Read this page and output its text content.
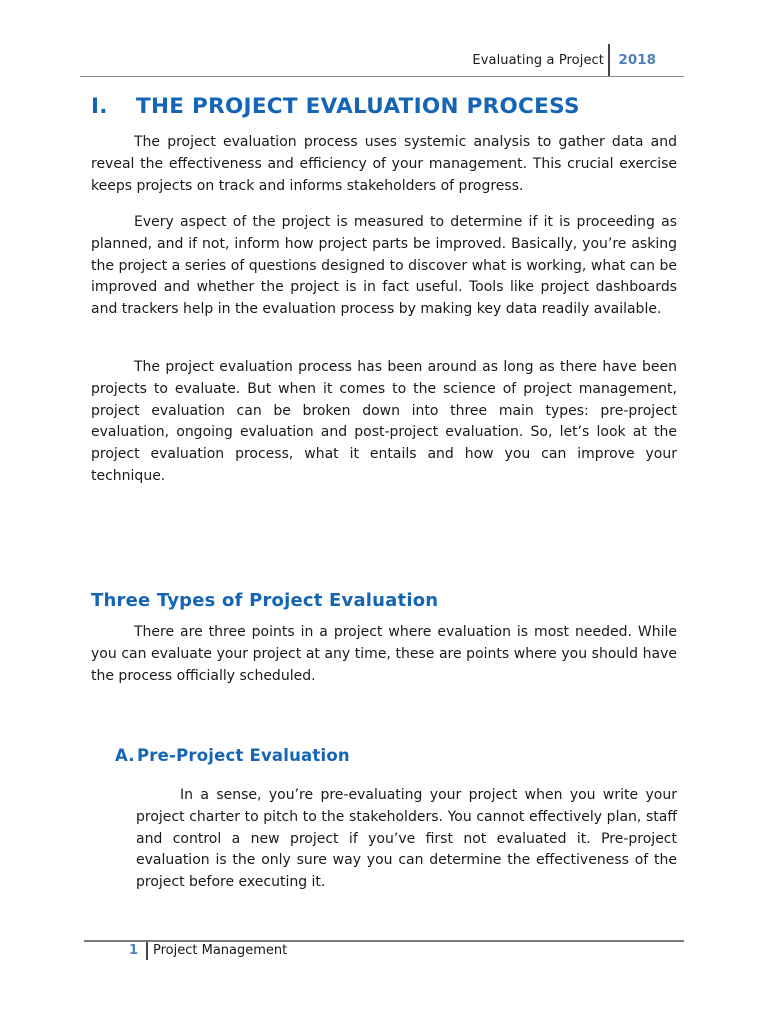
Evaluating a Project 2018
I. THE PROJECT EVALUATION PROCESS

The project evaluation process uses systemic analysis to gather data and reveal the effectiveness and efficiency of your management. This crucial exercise keeps projects on track and informs stakeholders of progress.

Every aspect of the project is measured to determine if it is proceeding as planned, and if not, inform how project parts be improved. Basically, you’re asking the project a series of questions designed to discover what is working, what can be improved and whether the project is in fact useful. Tools like project dashboards and trackers help in the evaluation process by making key data readily available.

The project evaluation process has been around as long as there have been projects to evaluate. But when it comes to the science of project management, project evaluation can be broken down into three main types: pre-project evaluation, ongoing evaluation and post-project evaluation. So, let’s look at the project evaluation process, what it entails and how you can improve your technique.

Three Types of Project Evaluation

There are three points in a project where evaluation is most needed. While you can evaluate your project at any time, these are points where you should have the process officially scheduled.

A. Pre-Project Evaluation

In a sense, you’re pre-evaluating your project when you write your project charter to pitch to the stakeholders. You cannot effectively plan, staff and control a new project if you’ve first not evaluated it. Pre-project evaluation is the only sure way you can determine the effectiveness of the project before executing it.

1 Project Management
